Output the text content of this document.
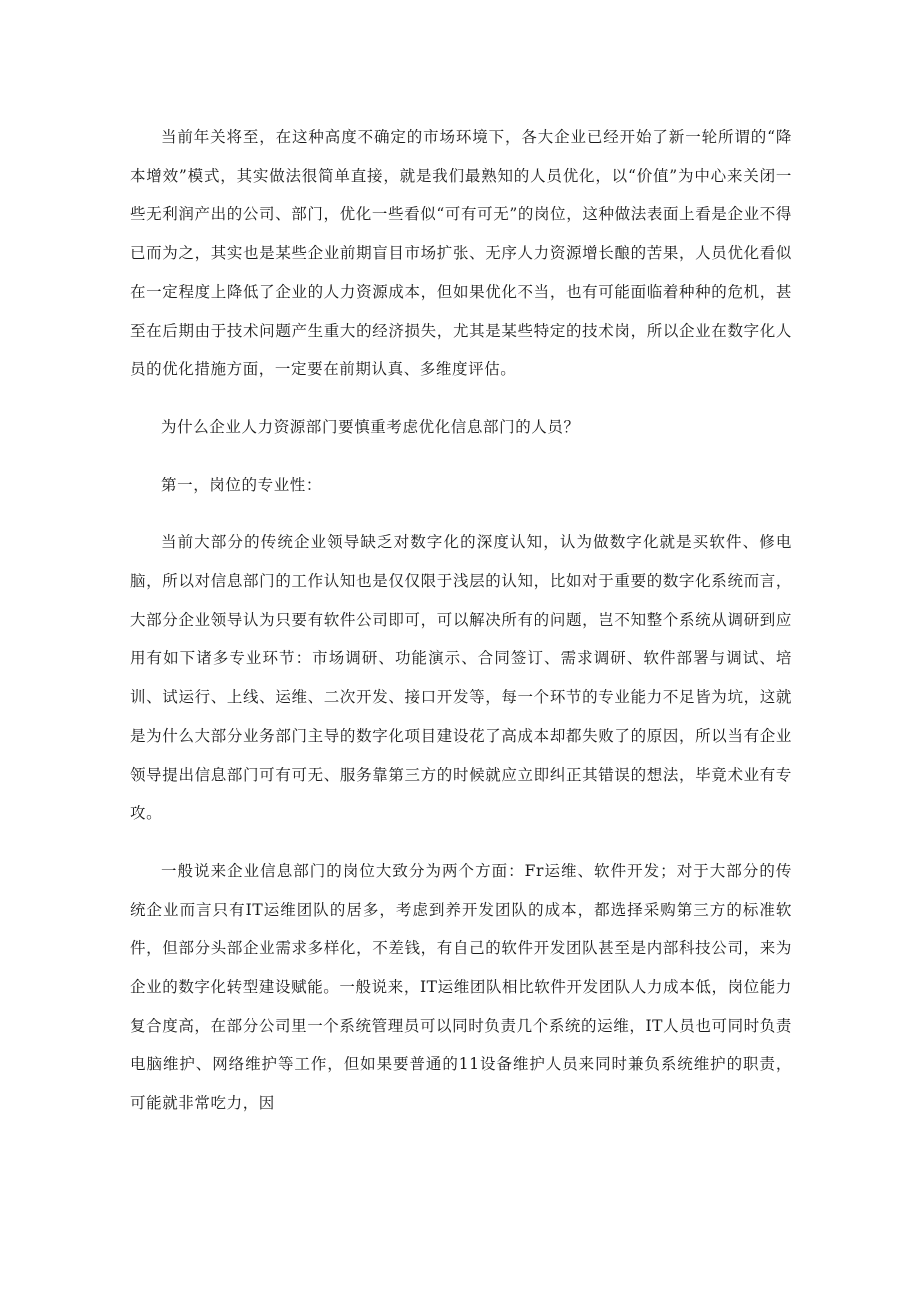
当前年关将至，在这种高度不确定的市场环境下，各大企业已经开始了新一轮所谓的“降本增效”模式，其实做法很简单直接，就是我们最熟知的人员优化，以“价值”为中心来关闭一些无利润产出的公司、部门，优化一些看似“可有可无”的岗位，这种做法表面上看是企业不得已而为之，其实也是某些企业前期盲目市场扩张、无序人力资源增长酿的苦果，人员优化看似在一定程度上降低了企业的人力资源成本，但如果优化不当，也有可能面临着种种的危机，甚至在后期由于技术问题产生重大的经济损失，尤其是某些特定的技术岗，所以企业在数字化人员的优化措施方面，一定要在前期认真、多维度评估。

为什么企业人力资源部门要慎重考虑优化信息部门的人员？

第一，岗位的专业性：

当前大部分的传统企业领导缺乏对数字化的深度认知，认为做数字化就是买软件、修电脑，所以对信息部门的工作认知也是仅仅限于浅层的认知，比如对于重要的数字化系统而言，大部分企业领导认为只要有软件公司即可，可以解决所有的问题，岂不知整个系统从调研到应用有如下诸多专业环节：市场调研、功能演示、合同签订、需求调研、软件部署与调试、培训、试运行、上线、运维、二次开发、接口开发等，每一个环节的专业能力不足皆为坑，这就是为什么大部分业务部门主导的数字化项目建设花了高成本却都失败了的原因，所以当有企业领导提出信息部门可有可无、服务靠第三方的时候就应立即纠正其错误的想法，毕竟术业有专攻。

一般说来企业信息部门的岗位大致分为两个方面：Fr运维、软件开发；对于大部分的传统企业而言只有IT运维团队的居多，考虑到养开发团队的成本，都选择采购第三方的标准软件，但部分头部企业需求多样化，不差钱，有自己的软件开发团队甚至是内部科技公司，来为企业的数字化转型建设赋能。一般说来，IT运维团队相比软件开发团队人力成本低，岗位能力复合度高，在部分公司里一个系统管理员可以同时负责几个系统的运维，IT人员也可同时负责电脑维护、网络维护等工作，但如果要普通的11设备维护人员来同时兼负系统维护的职责，可能就非常吃力，因
